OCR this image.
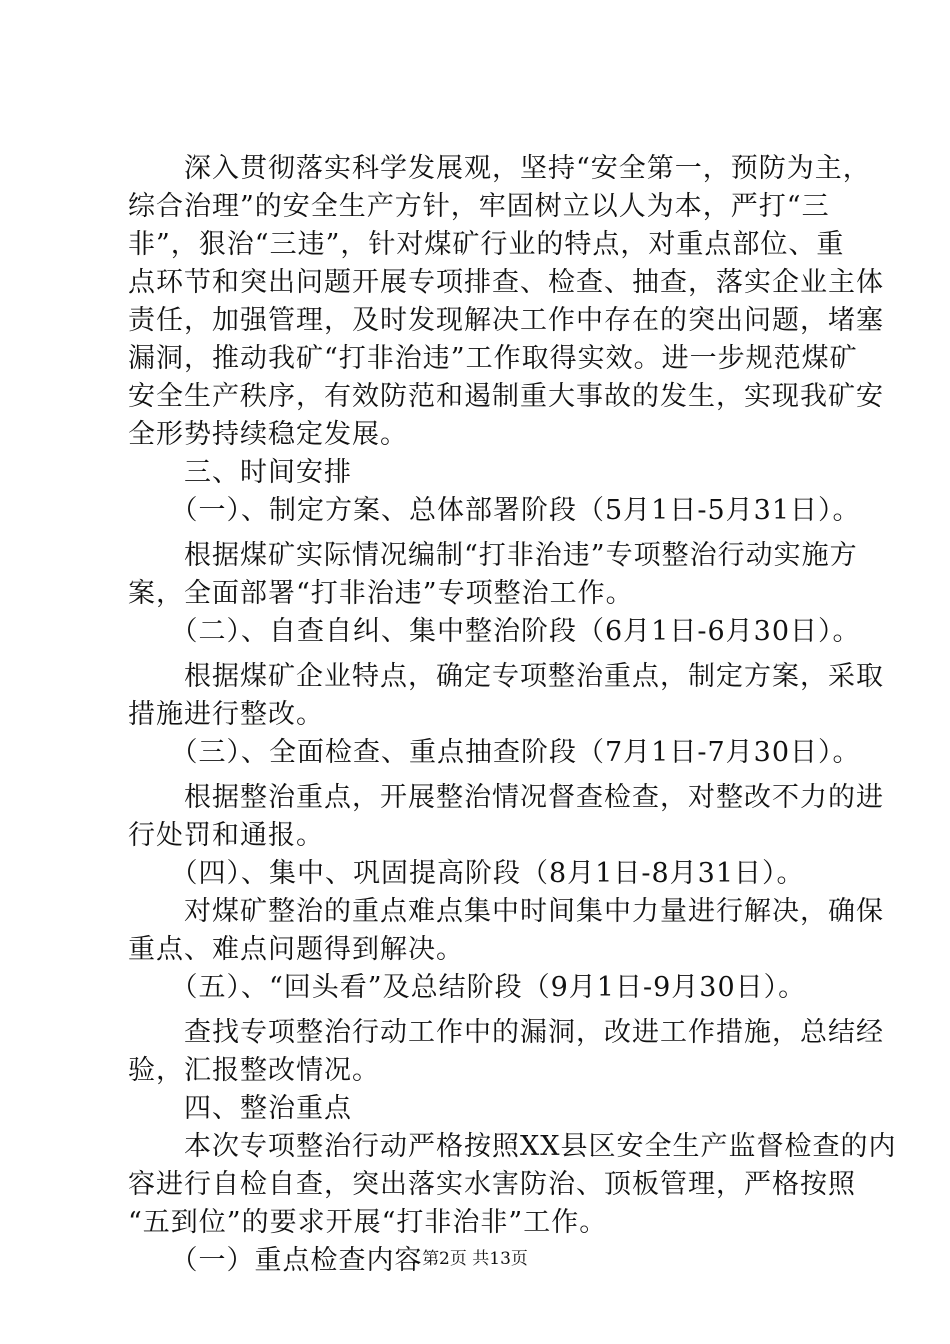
　　深入贯彻落实科学发展观，坚持“安全第一，预防为主，
综合治理”的安全生产方针，牢固树立以人为本，严打“三
非”，狠治“三违”，针对煤矿行业的特点，对重点部位、重
点环节和突出问题开展专项排查、检查、抽查，落实企业主体
责任，加强管理，及时发现解决工作中存在的突出问题，堵塞
漏洞，推动我矿“打非治违”工作取得实效。进一步规范煤矿
安全生产秩序，有效防范和遏制重大事故的发生，实现我矿安
全形势持续稳定发展。
　　三、时间安排
　　（一）、制定方案、总体部署阶段（5月1日-5月31日）。
　　根据煤矿实际情况编制“打非治违”专项整治行动实施方
案，全面部署“打非治违”专项整治工作。
　　（二）、自查自纠、集中整治阶段（6月1日-6月30日）。
　　根据煤矿企业特点，确定专项整治重点，制定方案，采取
措施进行整改。
　　（三）、全面检查、重点抽查阶段（7月1日-7月30日）。
　　根据整治重点，开展整治情况督查检查，对整改不力的进
行处罚和通报。
　　（四）、集中、巩固提高阶段（8月1日-8月31日）。
　　对煤矿整治的重点难点集中时间集中力量进行解决，确保
重点、难点问题得到解决。
　　（五）、“回头看”及总结阶段（9月1日-9月30日）。
　　查找专项整治行动工作中的漏洞，改进工作措施，总结经
验，汇报整改情况。
　　四、整治重点
　　本次专项整治行动严格按照XX县区安全生产监督检查的内
容进行自检自查，突出落实水害防治、顶板管理，严格按照
“五到位”的要求开展“打非治非”工作。
　　（一）重点检查内容 第2页 共13页
